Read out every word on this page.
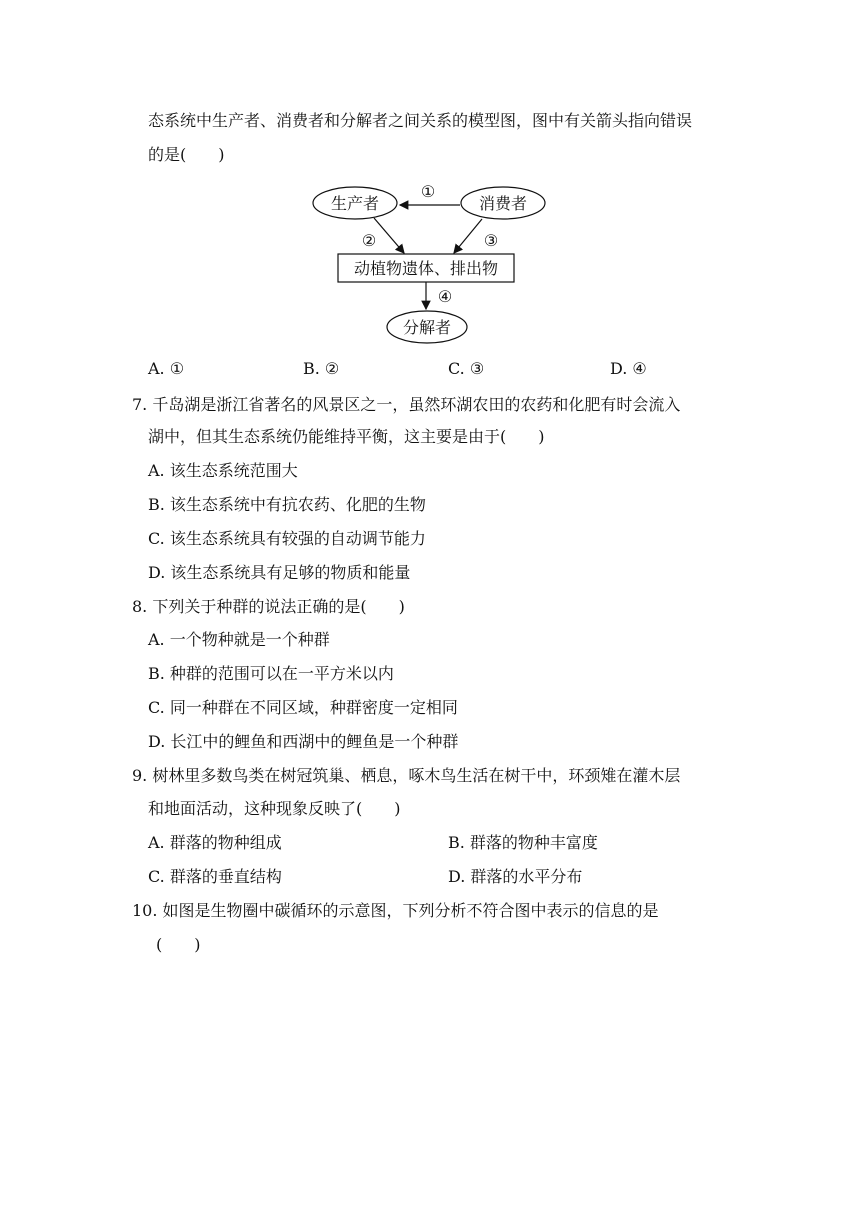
态系统中生产者、消费者和分解者之间关系的模型图，图中有关箭头指向错误
的是(　　)
生产者	消费者
动植物遗体、排出物
分解者
①
②	③
④
A. ①	B. ②	C. ③	D. ④
7. 千岛湖是浙江省著名的风景区之一，虽然环湖农田的农药和化肥有时会流入
湖中，但其生态系统仍能维持平衡，这主要是由于(　　)
A. 该生态系统范围大
B. 该生态系统中有抗农药、化肥的生物
C. 该生态系统具有较强的自动调节能力
D. 该生态系统具有足够的物质和能量
8. 下列关于种群的说法正确的是(　　)
A. 一个物种就是一个种群
B. 种群的范围可以在一平方米以内
C. 同一种群在不同区域，种群密度一定相同
D. 长江中的鲤鱼和西湖中的鲤鱼是一个种群
9. 树林里多数鸟类在树冠筑巢、栖息，啄木鸟生活在树干中，环颈雉在灌木层
和地面活动，这种现象反映了(　　)
A. 群落的物种组成	B. 群落的物种丰富度
C. 群落的垂直结构	D. 群落的水平分布
10. 如图是生物圈中碳循环的示意图，下列分析不符合图中表示的信息的是
(　　)
